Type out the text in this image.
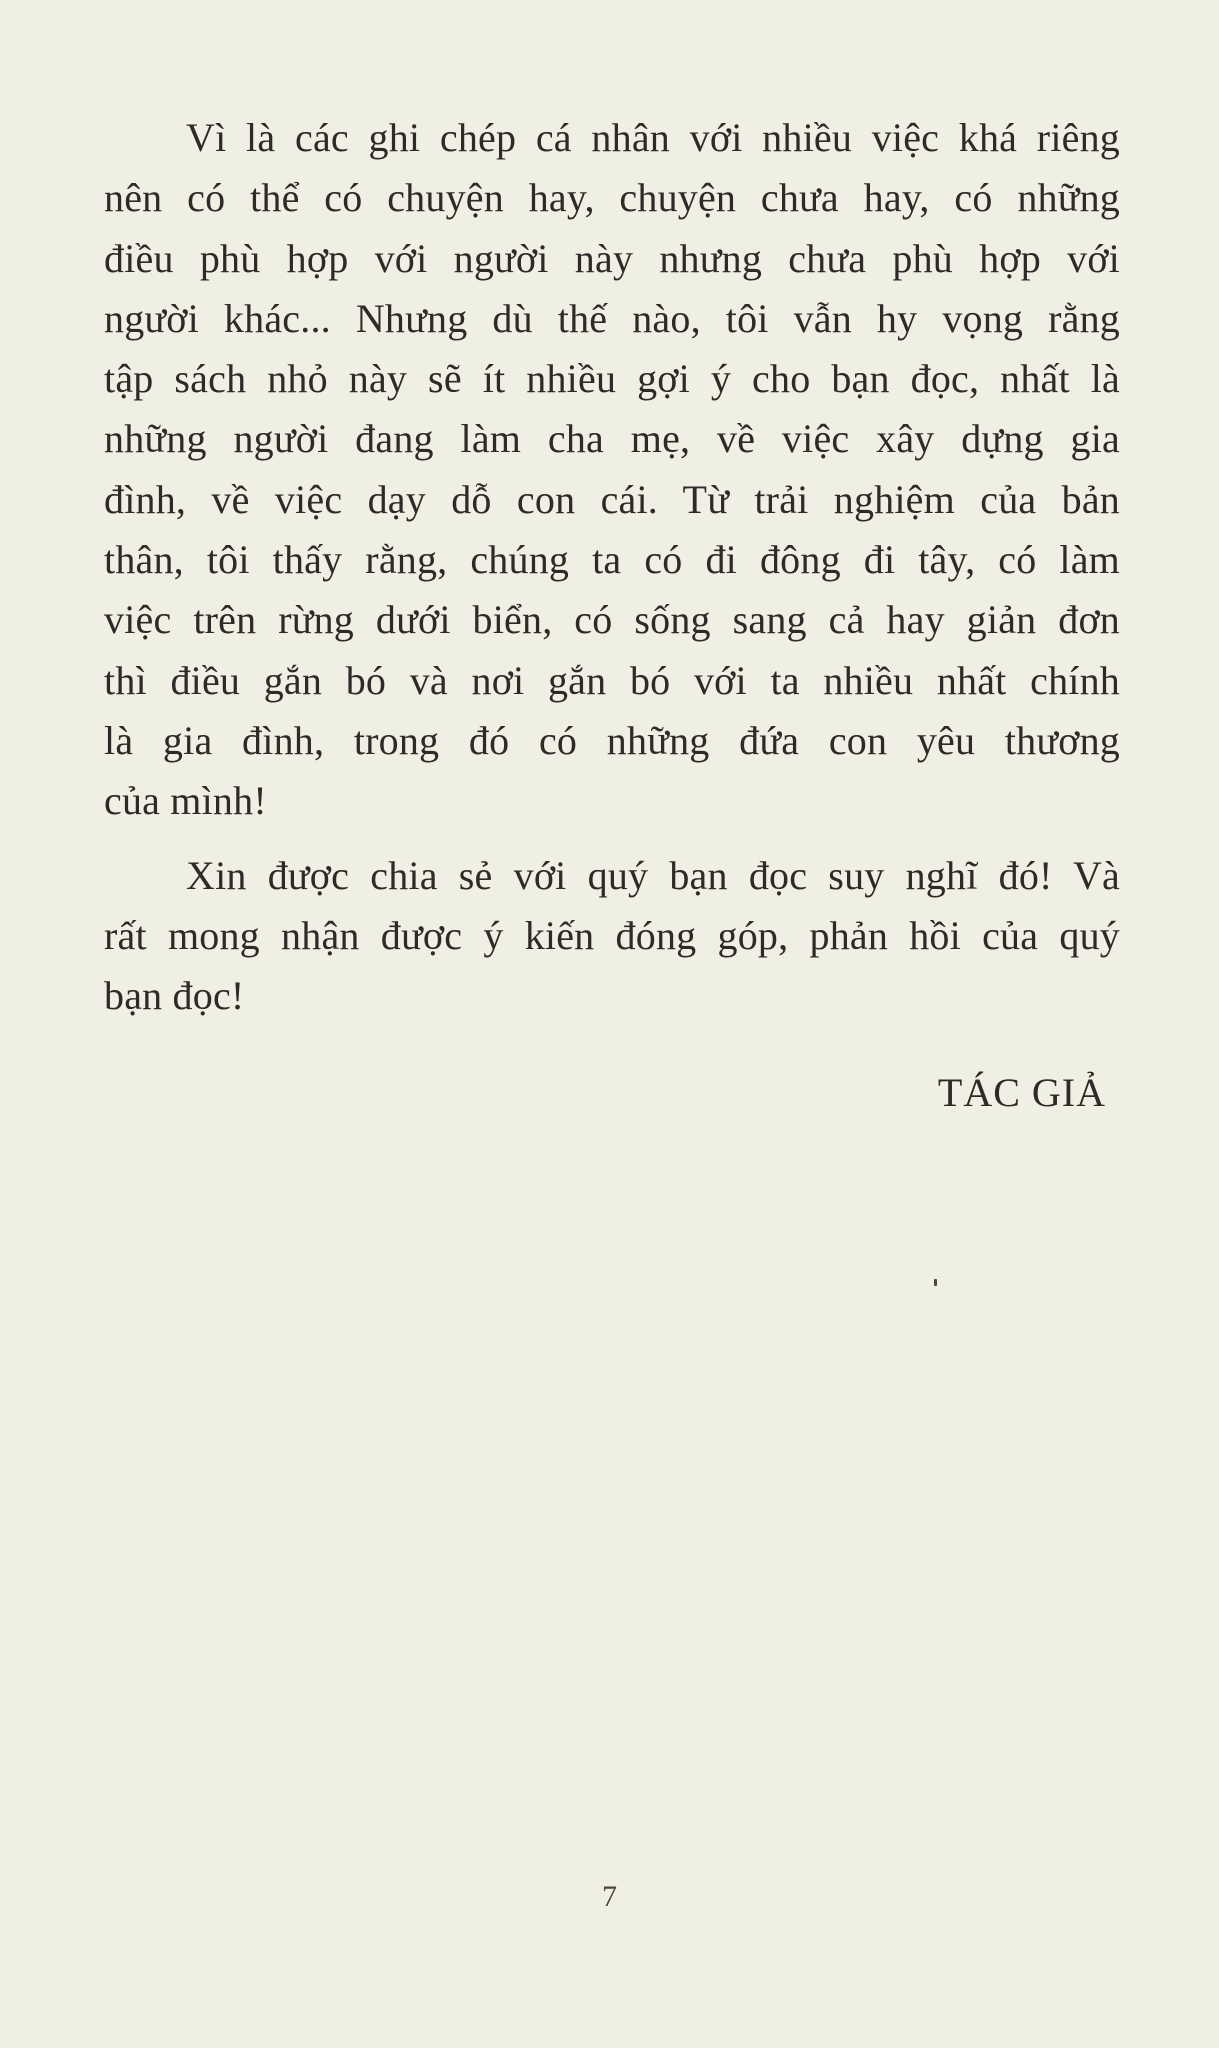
Vì là các ghi chép cá nhân với nhiều việc khá riêng
nên có thể có chuyện hay, chuyện chưa hay, có những
điều phù hợp với người này nhưng chưa phù hợp với
người khác... Nhưng dù thế nào, tôi vẫn hy vọng rằng
tập sách nhỏ này sẽ ít nhiều gợi ý cho bạn đọc, nhất là
những người đang làm cha mẹ, về việc xây dựng gia
đình, về việc dạy dỗ con cái. Từ trải nghiệm của bản
thân, tôi thấy rằng, chúng ta có đi đông đi tây, có làm
việc trên rừng dưới biển, có sống sang cả hay giản đơn
thì điều gắn bó và nơi gắn bó với ta nhiều nhất chính
là gia đình, trong đó có những đứa con yêu thương
của mình!
Xin được chia sẻ với quý bạn đọc suy nghĩ đó! Và
rất mong nhận được ý kiến đóng góp, phản hồi của quý
bạn đọc!
TÁC GIẢ
7
